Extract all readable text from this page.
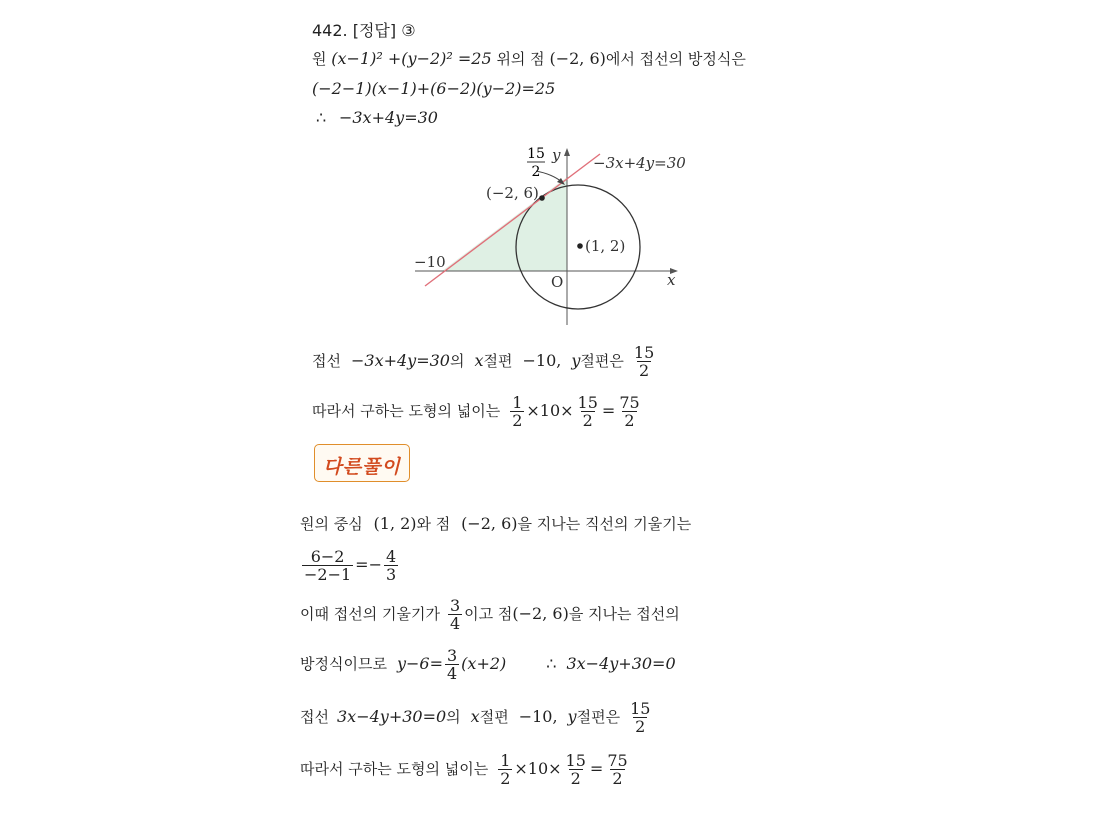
442. [정답] ③
원 (x−1)² +(y−2)² =25 위의 점 (−2, 6)에서 접선의 방정식은
(−2−1)(x−1)+(6−2)(y−2)=25
∴ −3x+4y=30
15
2
y −3x+4y=30
(−2, 6)
(1, 2)
−10
O	x
접선 −3x+4y=30 의 x 절편 −10, y 절편은 $\frac{15}{2}$
따라서 구하는 도형의 넓이는 $\frac{1}{2} \times 10\times \frac{15}{2} = \frac{75}{2}$
다른풀이
원의 중심 (1, 2)와 점 (−2, 6)을 지나는 직선의 기울기는
$\frac{6-2}{-2-1} =- \frac{4}{3}$
이때 접선의 기울기가 $\frac{3}{4}$ 이고 점 (−2, 6) 을 지나는 접선의
방정식이므로 $y-6= \frac{3}{4} (x+2)$	∴ 3x−4y+30=0
접선 3x−4y+30=0 의 x 절편 −10, y 절편은 $\frac{15}{2}$
따라서 구하는 도형의 넓이는 $\frac{1}{2} \times 10\times \frac{15}{2} = \frac{75}{2}$
